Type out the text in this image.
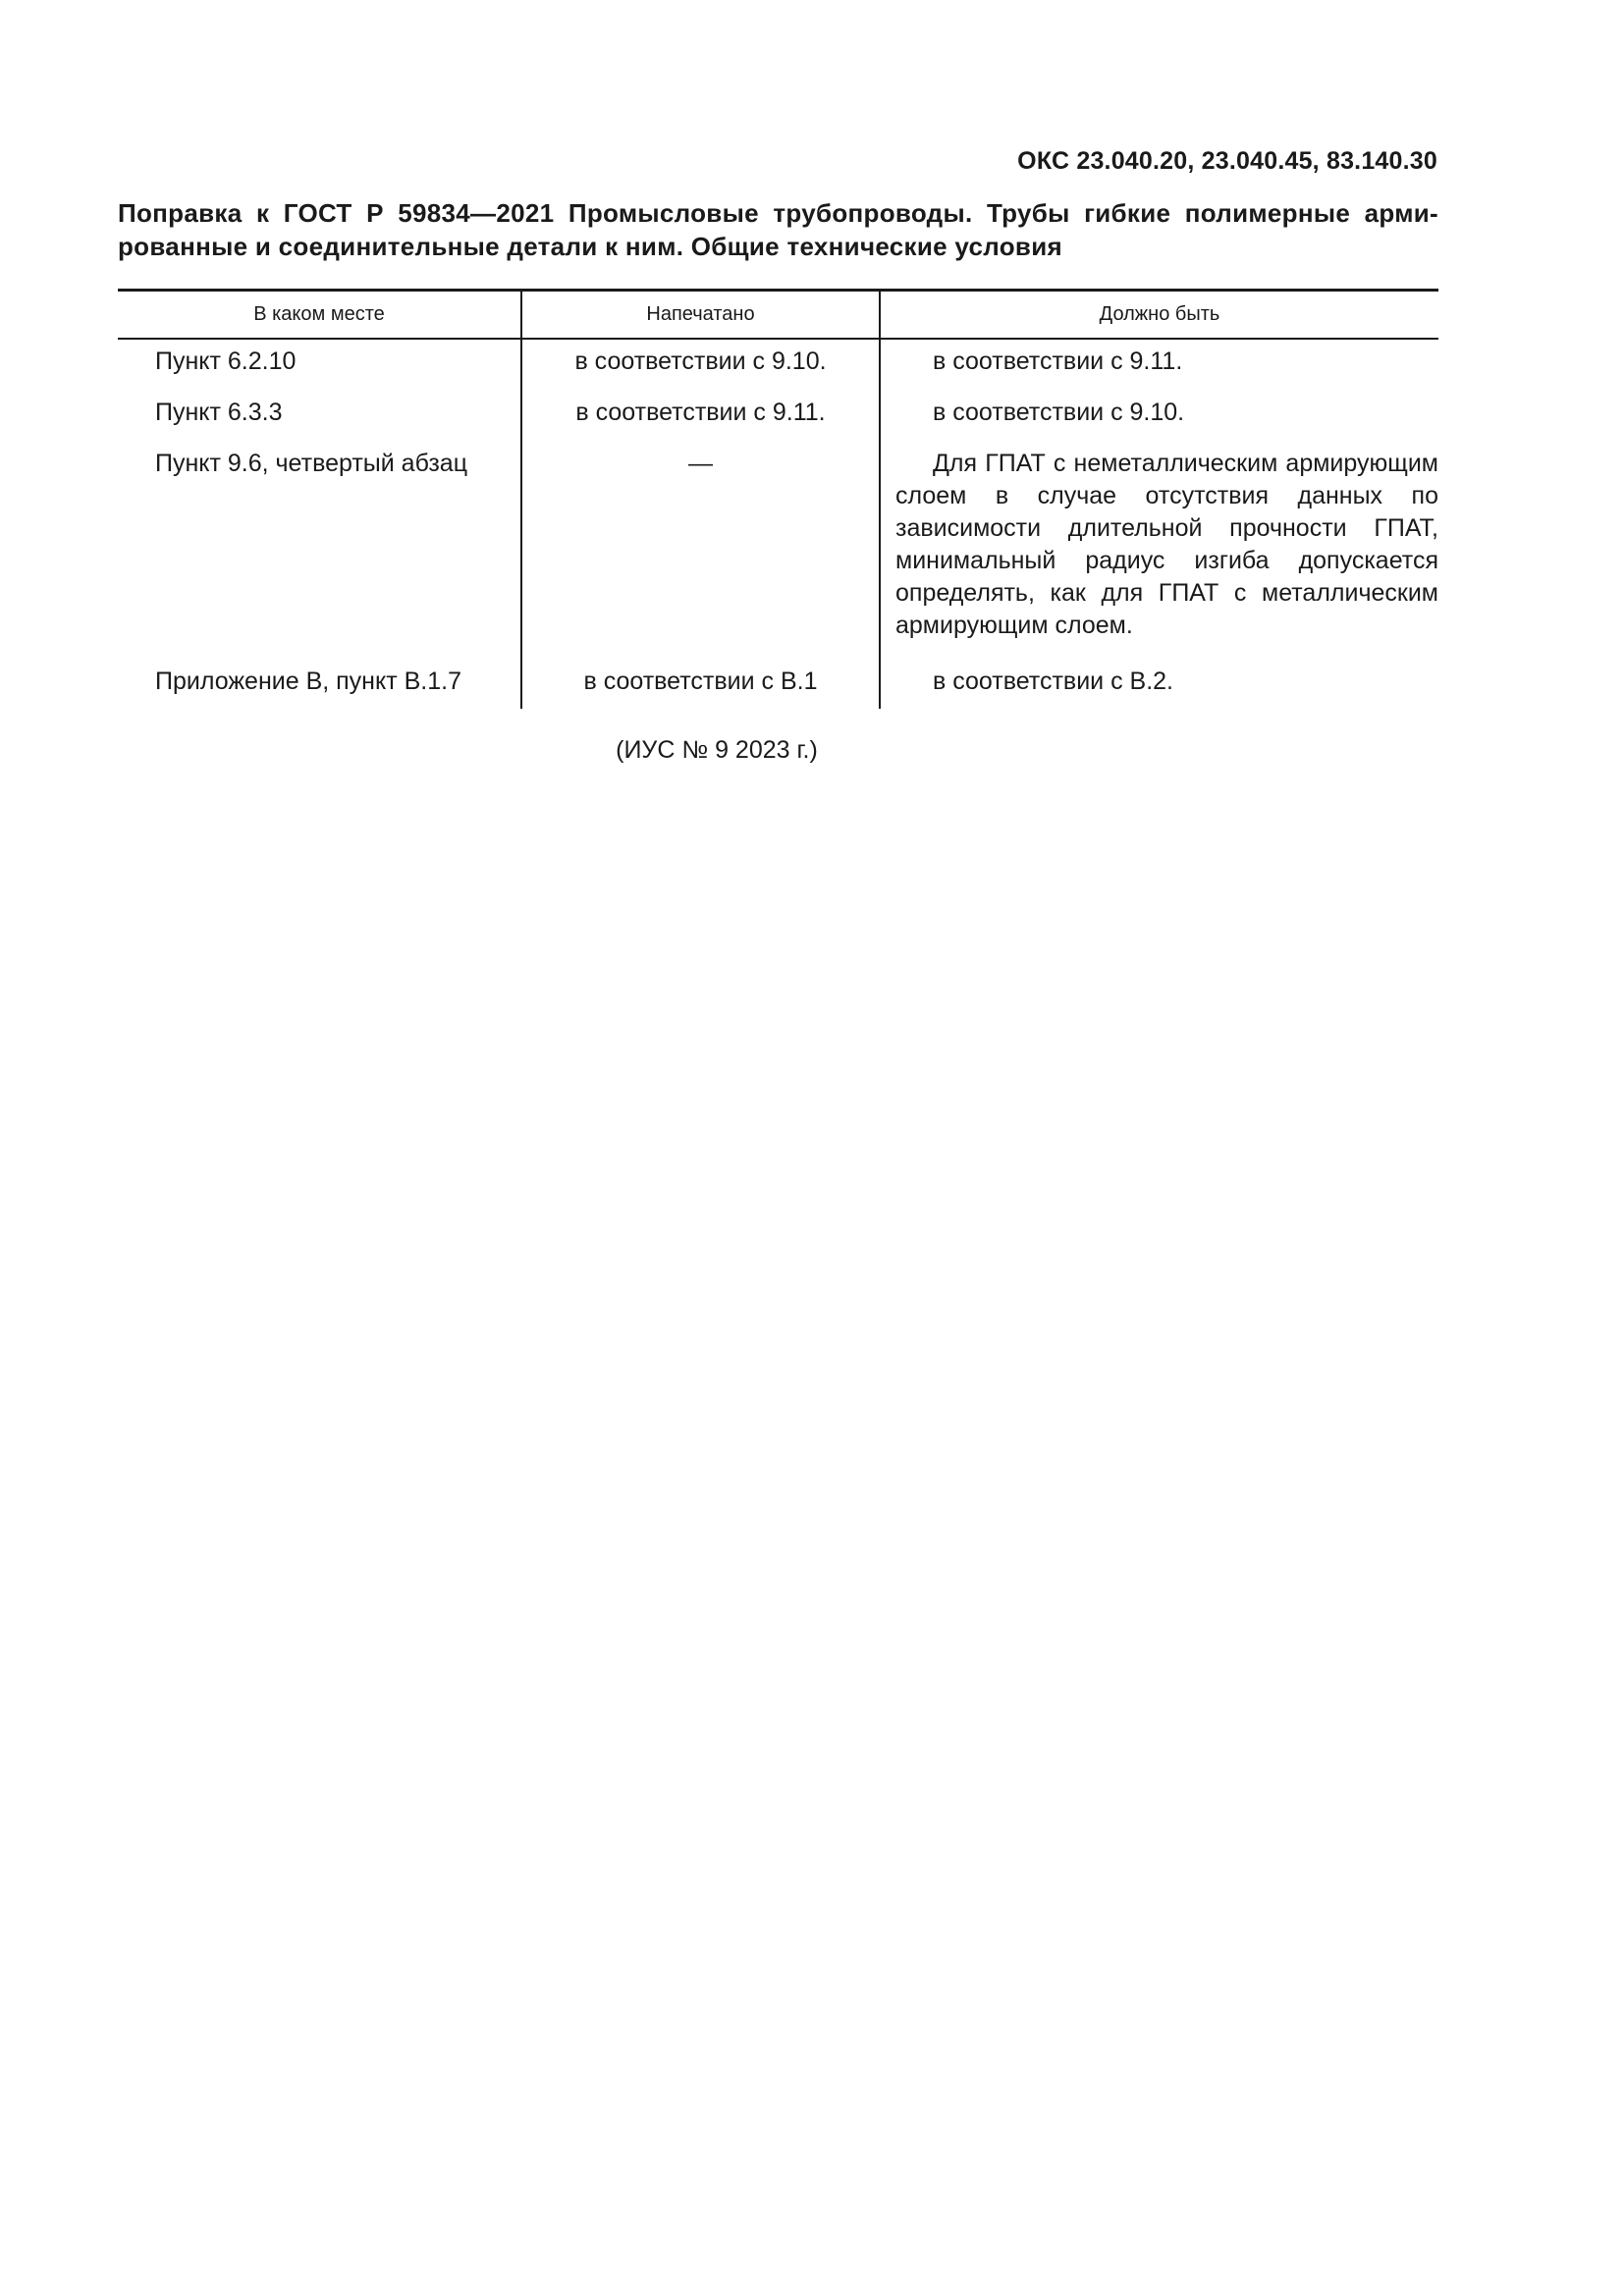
ОКС 23.040.20, 23.040.45, 83.140.30
Поправка к ГОСТ Р 59834—2021 Промысловые трубопроводы. Трубы гибкие полимерные арми-
рованные и соединительные детали к ним. Общие технические условия
В каком месте	Напечатано	Должно быть
Пункт 6.2.10	в соответствии с 9.10.	в соответствии с 9.11.
Пункт 6.3.3	в соответствии с 9.11.	в соответствии с 9.10.
Пункт 9.6, четвертый абзац	—	Для ГПАТ с неметаллическим армирующим слоем в случае отсутствия данных по зависимости длительной прочности ГПАТ, минимальный радиус изгиба допускается определять, как для ГПАТ с металлическим армирующим слоем.
Приложение В, пункт В.1.7	в соответствии с В.1	в соответствии с В.2.
(ИУС № 9 2023 г.)
